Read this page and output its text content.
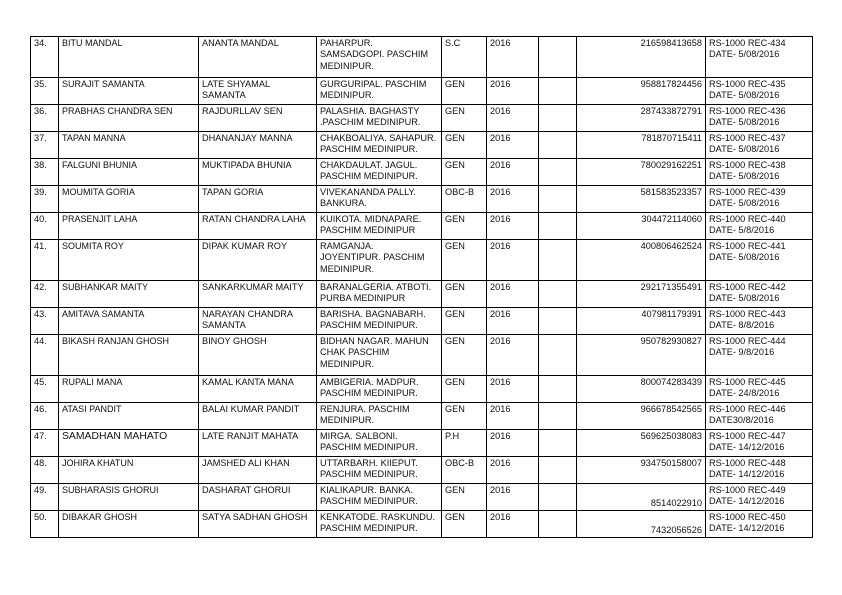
34.	BITU MANDAL	ANANTA MANDAL	PAHARPUR.
SAMSADGOPI. PASCHIM
MEDINIPUR.	S.C	2016		216598413658	RS-1000 REC-434
DATE- 5/08/2016

35.	SURAJIT SAMANTA	LATE SHYAMAL
SAMANTA	GURGURIPAL. PASCHIM
MEDINIPUR.	GEN	2016		958817824456	RS-1000 REC-435
DATE- 5/08/2016

36.	PRABHAS CHANDRA SEN	RAJDURLLAV SEN	PALASHIA. BAGHASTY
.PASCHIM MEDINIPUR.	GEN	2016		287433872791	RS-1000 REC-436
DATE- 5/08/2016

37.	TAPAN MANNA	DHANANJAY MANNA	CHAKBOALIYA. SAHAPUR.
PASCHIM MEDINIPUR.	GEN	2016		781870715411	RS-1000 REC-437
DATE- 5/08/2016

38.	FALGUNI BHUNIA	MUKTIPADA BHUNIA	CHAKDAULAT. JAGUL.
PASCHIM MEDINIPUR.	GEN	2016		780029162251	RS-1000 REC-438
DATE- 5/08/2016

39.	MOUMITA GORIA	TAPAN GORIA	VIVEKANANDA PALLY.
BANKURA.	OBC-B	2016		581583523357	RS-1000 REC-439
DATE- 5/08/2016

40.	PRASENJIT LAHA	RATAN CHANDRA LAHA	KUIKOTA. MIDNAPARE.
PASCHIM MEDINIPUR	GEN	2016		304472114060	RS-1000 REC-440
DATE- 5/8/2016

41.	SOUMITA ROY	DIPAK KUMAR ROY	RAMGANJA.
JOYENTIPUR. PASCHIM
MEDINIPUR.	GEN	2016		400806462524	RS-1000 REC-441
DATE- 5/08/2016

42.	SUBHANKAR MAITY	SANKARKUMAR MAITY	BARANALGERIA. ATBOTI.
PURBA MEDINIPUR	GEN	2016		292171355491	RS-1000 REC-442
DATE- 5/08/2016

43.	AMITAVA SAMANTA	NARAYAN CHANDRA
SAMANTA	BARISHA. BAGNABARH.
PASCHIM MEDINIPUR.	GEN	2016		407981179391	RS-1000 REC-443
DATE- 8/8/2016

44.	BIKASH RANJAN GHOSH	BINOY GHOSH	BIDHAN NAGAR. MAHUN
CHAK PASCHIM
MEDINIPUR.	GEN	2016		950782930827	RS-1000 REC-444
DATE- 9/8/2016

45.	RUPALI MANA	KAMAL KANTA MANA	AMBIGERIA. MADPUR.
PASCHIM MEDINIPUR.	GEN	2016		800074283439	RS-1000 REC-445
DATE- 24/8/2016

46.	ATASI PANDIT	BALAI KUMAR PANDIT	RENJURA. PASCHIM
MEDINIPUR.	GEN	2016		966678542565	RS-1000 REC-446
DATE30/8/2016

47.	SAMADHAN MAHATO	LATE RANJIT MAHATA	MIRGA. SALBONI.
PASCHIM MEDINIPUR.	P.H	2016		569625038083	RS-1000 REC-447
DATE- 14/12/2016

48.	JOHIRA KHATUN	JAMSHED ALI KHAN	UTTARBARH. KIIEPUT.
PASCHIM MEDINIPUR.	OBC-B	2016		934750158007	RS-1000 REC-448
DATE- 14/12/2016

49.	SUBHARASIS GHORUI	DASHARAT GHORUI	KIALIKAPUR. BANKA.
PASCHIM MEDINIPUR.	GEN	2016		8514022910	RS-1000 REC-449
DATE- 14/12/2016

50.	DIBAKAR GHOSH	SATYA SADHAN GHOSH	KENKATODE. RASKUNDU.
PASCHIM MEDINIPUR.	GEN	2016		7432056526	RS-1000 REC-450
DATE- 14/12/2016
